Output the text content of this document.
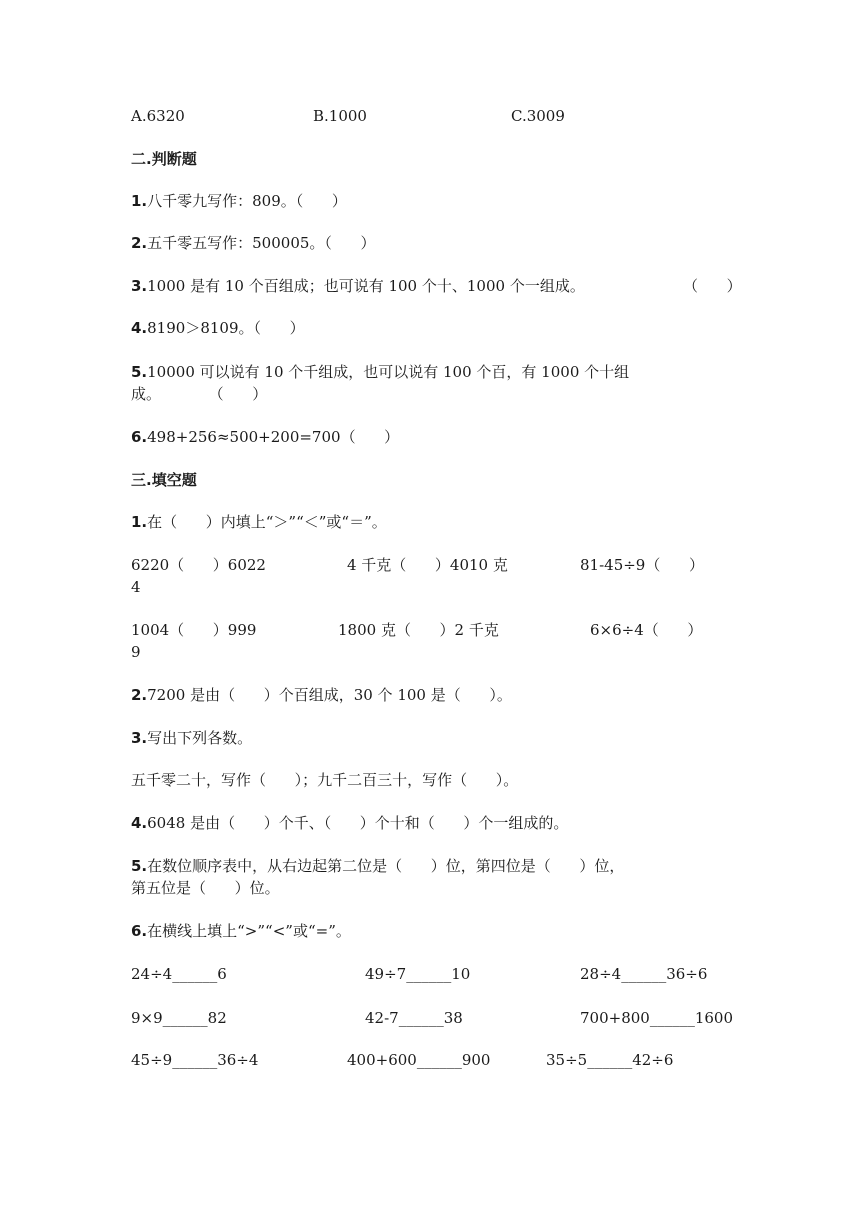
A.6320	B.1000	C.3009
二.判断题
1.八千零九写作：809。（      ）
2.五千零五写作：500005。（      ）
3.1000 是有 10 个百组成；也可说有 100 个十、1000 个一组成。	（      ）
4.8190＞8109。（      ）
5.10000 可以说有 10 个千组成，也可以说有 100 个百，有 1000 个十组
成。          （      ）
6.498+256≈500+200=700（      ）
三.填空题
1.在（      ）内填上“＞”“＜”或“＝”。
6220（      ）6022	4 千克（      ）4010 克	81-45÷9（      ）
4
1004（      ）999	1800 克（      ）2 千克	6×6÷4（      ）
9
2.7200 是由（      ）个百组成，30 个 100 是（      ）。
3.写出下列各数。
五千零二十，写作（      ）；九千二百三十，写作（      ）。
4.6048 是由（      ）个千、（      ）个十和（      ）个一组成的。
5.在数位顺序表中，从右边起第二位是（      ）位，第四位是（      ）位，
第五位是（      ）位。
6.在横线上填上“>”“<”或“=”。
24÷4______6	49÷7______10	28÷4______36÷6
9×9______82	42-7______38	700+800______1600
45÷9______36÷4	400+600______900	35÷5______42÷6
